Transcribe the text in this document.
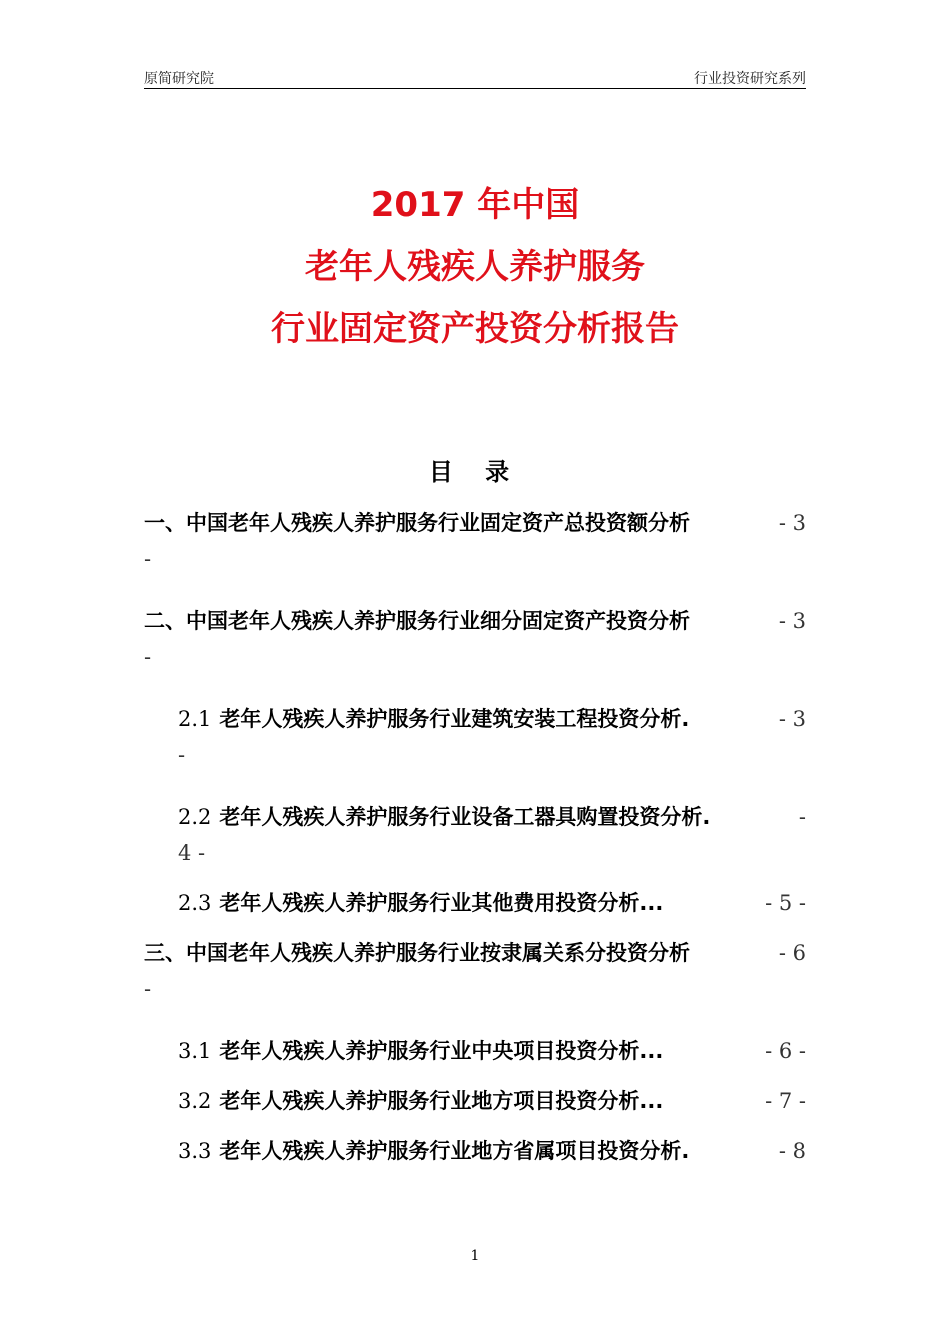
原简研究院	行业投资研究系列
2017 年中国
老年人残疾人养护服务
行业固定资产投资分析报告
目 录
一、中国老年人残疾人养护服务行业固定资产总投资额分析	- 3
-
二、中国老年人残疾人养护服务行业细分固定资产投资分析	- 3
-
2.1 老年人残疾人养护服务行业建筑安装工程投资分析.	- 3
-
2.2 老年人残疾人养护服务行业设备工器具购置投资分析.	-
4 -
2.3 老年人残疾人养护服务行业其他费用投资分析...	- 5 -
三、中国老年人残疾人养护服务行业按隶属关系分投资分析	- 6
-
3.1 老年人残疾人养护服务行业中央项目投资分析...	- 6 -
3.2 老年人残疾人养护服务行业地方项目投资分析...	- 7 -
3.3 老年人残疾人养护服务行业地方省属项目投资分析.	- 8
1
